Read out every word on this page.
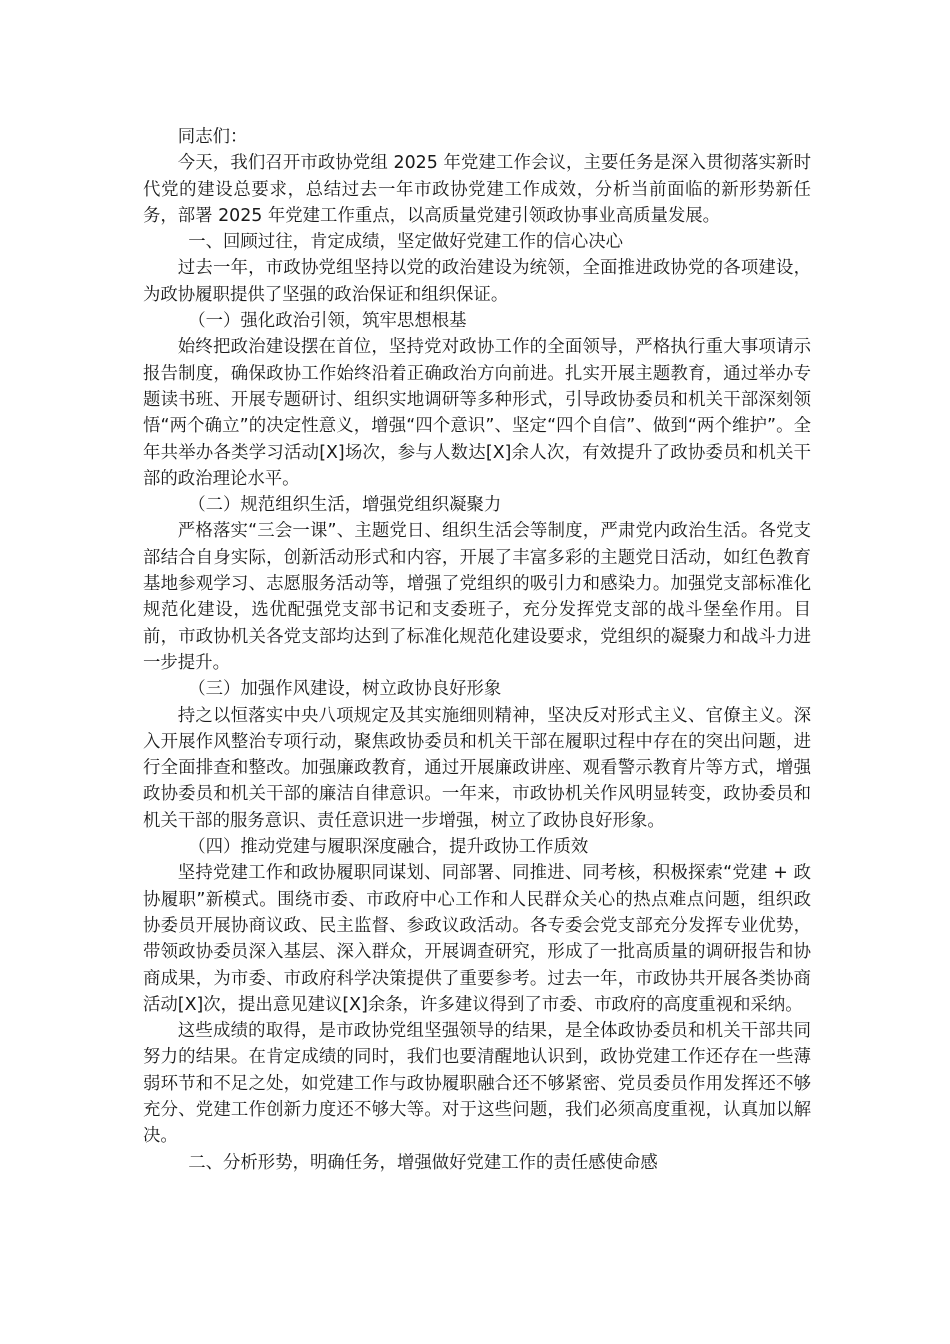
同志们：

今天，我们召开市政协党组 2025 年党建工作会议，主要任务是深入贯彻落实新时代党的建设总要求，总结过去一年市政协党建工作成效，分析当前面临的新形势新任务，部署 2025 年党建工作重点，以高质量党建引领政协事业高质量发展。

一、回顾过往，肯定成绩，坚定做好党建工作的信心决心

过去一年，市政协党组坚持以党的政治建设为统领，全面推进政协党的各项建设，为政协履职提供了坚强的政治保证和组织保证。

（一）强化政治引领，筑牢思想根基

始终把政治建设摆在首位，坚持党对政协工作的全面领导，严格执行重大事项请示报告制度，确保政协工作始终沿着正确政治方向前进。扎实开展主题教育，通过举办专题读书班、开展专题研讨、组织实地调研等多种形式，引导政协委员和机关干部深刻领悟“两个确立”的决定性意义，增强“四个意识”、坚定“四个自信”、做到“两个维护”。全年共举办各类学习活动[X]场次，参与人数达[X]余人次，有效提升了政协委员和机关干部的政治理论水平。

（二）规范组织生活，增强党组织凝聚力

严格落实“三会一课”、主题党日、组织生活会等制度，严肃党内政治生活。各党支部结合自身实际，创新活动形式和内容，开展了丰富多彩的主题党日活动，如红色教育基地参观学习、志愿服务活动等，增强了党组织的吸引力和感染力。加强党支部标准化规范化建设，选优配强党支部书记和支委班子，充分发挥党支部的战斗堡垒作用。目前，市政协机关各党支部均达到了标准化规范化建设要求，党组织的凝聚力和战斗力进一步提升。

（三）加强作风建设，树立政协良好形象

持之以恒落实中央八项规定及其实施细则精神，坚决反对形式主义、官僚主义。深入开展作风整治专项行动，聚焦政协委员和机关干部在履职过程中存在的突出问题，进行全面排查和整改。加强廉政教育，通过开展廉政讲座、观看警示教育片等方式，增强政协委员和机关干部的廉洁自律意识。一年来，市政协机关作风明显转变，政协委员和机关干部的服务意识、责任意识进一步增强，树立了政协良好形象。

（四）推动党建与履职深度融合，提升政协工作质效

坚持党建工作和政协履职同谋划、同部署、同推进、同考核，积极探索“党建 + 政协履职”新模式。围绕市委、市政府中心工作和人民群众关心的热点难点问题，组织政协委员开展协商议政、民主监督、参政议政活动。各专委会党支部充分发挥专业优势，带领政协委员深入基层、深入群众，开展调查研究，形成了一批高质量的调研报告和协商成果，为市委、市政府科学决策提供了重要参考。过去一年，市政协共开展各类协商活动[X]次，提出意见建议[X]余条，许多建议得到了市委、市政府的高度重视和采纳。

这些成绩的取得，是市政协党组坚强领导的结果，是全体政协委员和机关干部共同努力的结果。在肯定成绩的同时，我们也要清醒地认识到，政协党建工作还存在一些薄弱环节和不足之处，如党建工作与政协履职融合还不够紧密、党员委员作用发挥还不够充分、党建工作创新力度还不够大等。对于这些问题，我们必须高度重视，认真加以解决。

二、分析形势，明确任务，增强做好党建工作的责任感使命感
